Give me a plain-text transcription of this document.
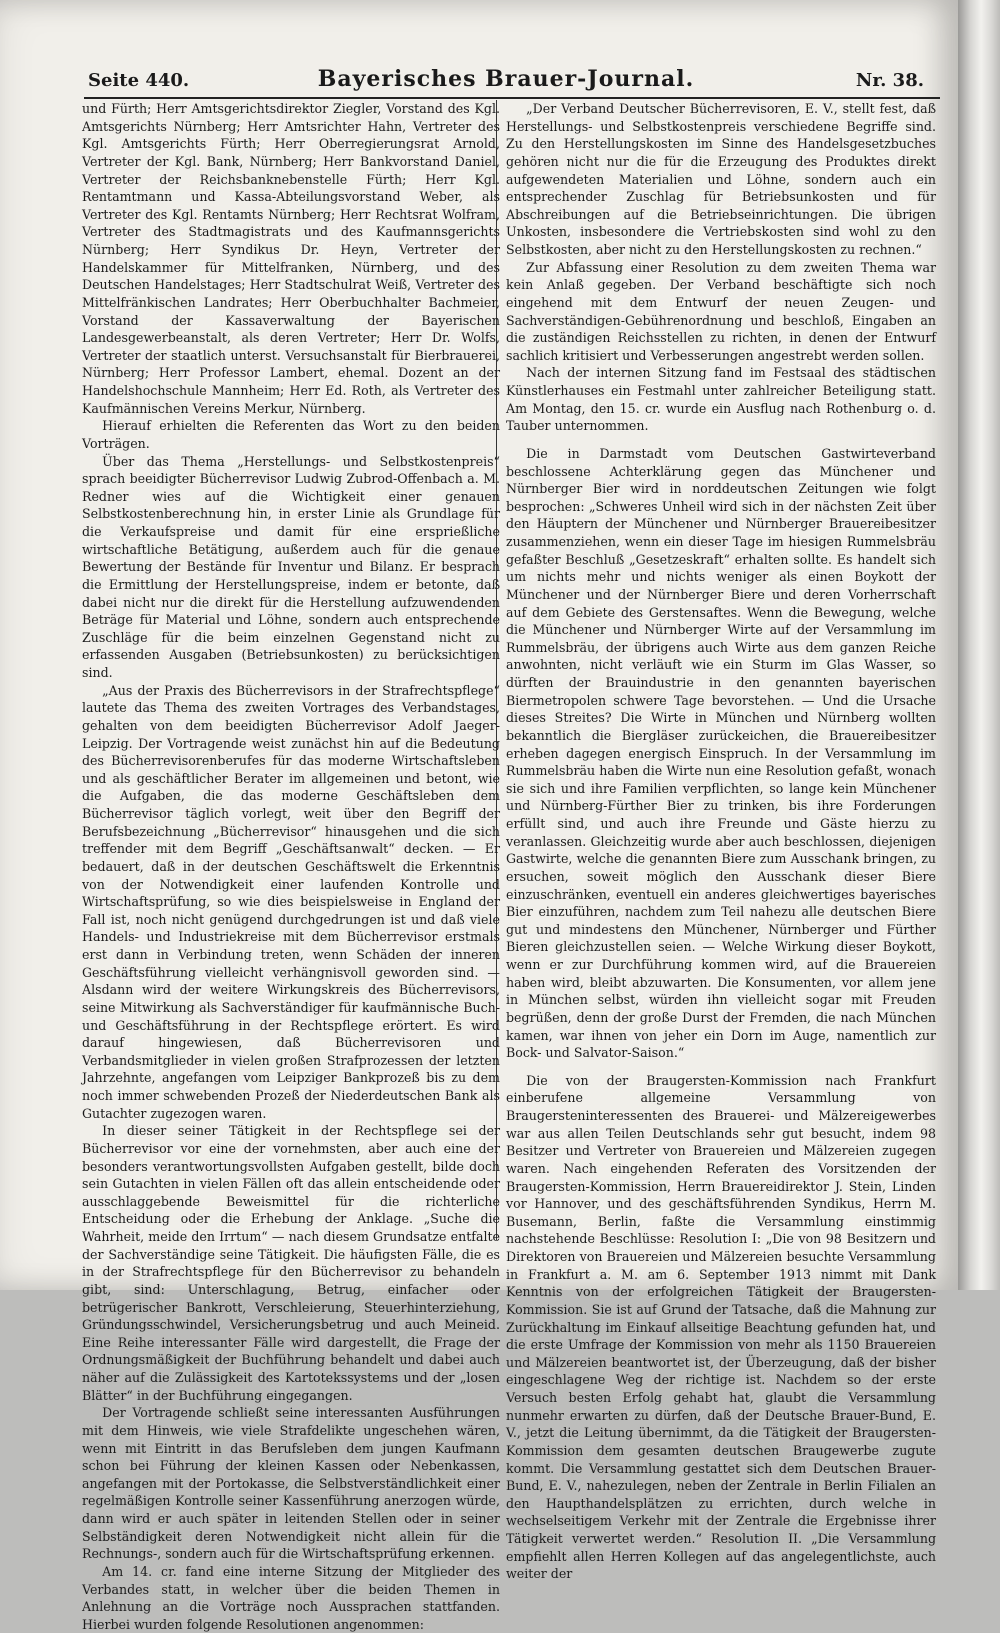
Seite 440.	Bayerisches Brauer-Journal.	Nr. 38.

und Fürth; Herr Amtsgerichtsdirektor Ziegler, Vorstand des Kgl. Amtsgerichts Nürnberg; Herr Amtsrichter Hahn, Vertreter des Kgl. Amtsgerichts Fürth; Herr Oberregierungsrat Arnold, Vertreter der Kgl. Bank, Nürnberg; Herr Bankvorstand Daniel, Vertreter der Reichsbanknebenstelle Fürth; Herr Kgl. Rentamtmann und Kassa-Abteilungsvorstand Weber, als Vertreter des Kgl. Rentamts Nürnberg; Herr Rechtsrat Wolfram, Vertreter des Stadtmagistrats und des Kaufmannsgerichts Nürnberg; Herr Syndikus Dr. Heyn, Vertreter der Handelskammer für Mittelfranken, Nürnberg, und des Deutschen Handelstages; Herr Stadtschulrat Weiß, Vertreter des Mittelfränkischen Landrates; Herr Oberbuchhalter Bachmeier, Vorstand der Kassaverwaltung der Bayerischen Landesgewerbeanstalt, als deren Vertreter; Herr Dr. Wolfs, Vertreter der staatlich unterst. Versuchsanstalt für Bierbrauerei, Nürnberg; Herr Professor Lambert, ehemal. Dozent an der Handelshochschule Mannheim; Herr Ed. Roth, als Vertreter des Kaufmännischen Vereins Merkur, Nürnberg.

Hierauf erhielten die Referenten das Wort zu den beiden Vorträgen.

Über das Thema „Herstellungs- und Selbstkostenpreis“ sprach beeidigter Bücherrevisor Ludwig Zubrod-Offenbach a. M. Redner wies auf die Wichtigkeit einer genauen Selbstkostenberechnung hin, in erster Linie als Grundlage für die Verkaufspreise und damit für eine ersprießliche wirtschaftliche Betätigung, außerdem auch für die genaue Bewertung der Bestände für Inventur und Bilanz. Er besprach die Ermittlung der Herstellungspreise, indem er betonte, daß dabei nicht nur die direkt für die Herstellung aufzuwendenden Beträge für Material und Löhne, sondern auch entsprechende Zuschläge für die beim einzelnen Gegenstand nicht zu erfassenden Ausgaben (Betriebsunkosten) zu berücksichtigen sind.

„Aus der Praxis des Bücherrevisors in der Strafrechtspflege“ lautete das Thema des zweiten Vortrages des Verbandstages, gehalten von dem beeidigten Bücherrevisor Adolf Jaeger-Leipzig. Der Vortragende weist zunächst hin auf die Bedeutung des Bücherrevisorenberufes für das moderne Wirtschaftsleben und als geschäftlicher Berater im allgemeinen und betont, wie die Aufgaben, die das moderne Geschäftsleben dem Bücherrevisor täglich vorlegt, weit über den Begriff der Berufsbezeichnung „Bücherrevisor“ hinausgehen und die sich treffender mit dem Begriff „Geschäftsanwalt“ decken. — Er bedauert, daß in der deutschen Geschäftswelt die Erkenntnis von der Notwendigkeit einer laufenden Kontrolle und Wirtschaftsprüfung, so wie dies beispielsweise in England der Fall ist, noch nicht genügend durchgedrungen ist und daß viele Handels- und Industriekreise mit dem Bücherrevisor erstmals erst dann in Verbindung treten, wenn Schäden der inneren Geschäftsführung vielleicht verhängnisvoll geworden sind. — Alsdann wird der weitere Wirkungskreis des Bücherrevisors, seine Mitwirkung als Sachverständiger für kaufmännische Buch- und Geschäftsführung in der Rechtspflege erörtert. Es wird darauf hingewiesen, daß Bücherrevisoren und Verbandsmitglieder in vielen großen Strafprozessen der letzten Jahrzehnte, angefangen vom Leipziger Bankprozeß bis zu dem noch immer schwebenden Prozeß der Niederdeutschen Bank als Gutachter zugezogen waren.

In dieser seiner Tätigkeit in der Rechtspflege sei der Bücherrevisor vor eine der vornehmsten, aber auch eine der besonders verantwortungsvollsten Aufgaben gestellt, bilde doch sein Gutachten in vielen Fällen oft das allein entscheidende oder ausschlaggebende Beweismittel für die richterliche Entscheidung oder die Erhebung der Anklage. „Suche die Wahrheit, meide den Irrtum“ — nach diesem Grundsatze entfalte der Sachverständige seine Tätigkeit. Die häufigsten Fälle, die es in der Strafrechtspflege für den Bücherrevisor zu behandeln gibt, sind: Unterschlagung, Betrug, einfacher oder betrügerischer Bankrott, Verschleierung, Steuerhinterziehung, Gründungsschwindel, Versicherungsbetrug und auch Meineid. Eine Reihe interessanter Fälle wird dargestellt, die Frage der Ordnungsmäßigkeit der Buchführung behandelt und dabei auch näher auf die Zulässigkeit des Kartotekssystems und der „losen Blätter“ in der Buchführung eingegangen.

Der Vortragende schließt seine interessanten Ausführungen mit dem Hinweis, wie viele Strafdelikte ungeschehen wären, wenn mit Eintritt in das Berufsleben dem jungen Kaufmann schon bei Führung der kleinen Kassen oder Nebenkassen, angefangen mit der Portokasse, die Selbstverständlichkeit einer regelmäßigen Kontrolle seiner Kassenführung anerzogen würde, dann wird er auch später in leitenden Stellen oder in seiner Selbständigkeit deren Notwendigkeit nicht allein für die Rechnungs-, sondern auch für die Wirtschaftsprüfung erkennen.

Am 14. cr. fand eine interne Sitzung der Mitglieder des Verbandes statt, in welcher über die beiden Themen in Anlehnung an die Vorträge noch Aussprachen stattfanden. Hierbei wurden folgende Resolutionen angenommen:

„Der Verband Deutscher Bücherrevisoren, E. V., stellt fest, daß Herstellungs- und Selbstkostenpreis verschiedene Begriffe sind. Zu den Herstellungskosten im Sinne des Handelsgesetzbuches gehören nicht nur die für die Erzeugung des Produktes direkt aufgewendeten Materialien und Löhne, sondern auch ein entsprechender Zuschlag für Betriebsunkosten und für Abschreibungen auf die Betriebseinrichtungen. Die übrigen Unkosten, insbesondere die Vertriebskosten sind wohl zu den Selbstkosten, aber nicht zu den Herstellungskosten zu rechnen.“

Zur Abfassung einer Resolution zu dem zweiten Thema war kein Anlaß gegeben. Der Verband beschäftigte sich noch eingehend mit dem Entwurf der neuen Zeugen- und Sachverständigen-Gebührenordnung und beschloß, Eingaben an die zuständigen Reichsstellen zu richten, in denen der Entwurf sachlich kritisiert und Verbesserungen angestrebt werden sollen.

Nach der internen Sitzung fand im Festsaal des städtischen Künstlerhauses ein Festmahl unter zahlreicher Beteiligung statt. Am Montag, den 15. cr. wurde ein Ausflug nach Rothenburg o. d. Tauber unternommen.

Die in Darmstadt vom Deutschen Gastwirteverband beschlossene Achterklärung gegen das Münchener und Nürnberger Bier wird in norddeutschen Zeitungen wie folgt besprochen: „Schweres Unheil wird sich in der nächsten Zeit über den Häuptern der Münchener und Nürnberger Brauereibesitzer zusammenziehen, wenn ein dieser Tage im hiesigen Rummelsbräu gefaßter Beschluß „Gesetzeskraft“ erhalten sollte. Es handelt sich um nichts mehr und nichts weniger als einen Boykott der Münchener und der Nürnberger Biere und deren Vorherrschaft auf dem Gebiete des Gerstensaftes. Wenn die Bewegung, welche die Münchener und Nürnberger Wirte auf der Versammlung im Rummelsbräu, der übrigens auch Wirte aus dem ganzen Reiche anwohnten, nicht verläuft wie ein Sturm im Glas Wasser, so dürften der Brauindustrie in den genannten bayerischen Biermetropolen schwere Tage bevorstehen. — Und die Ursache dieses Streites? Die Wirte in München und Nürnberg wollten bekanntlich die Biergläser zurückeichen, die Brauereibesitzer erheben dagegen energisch Einspruch. In der Versammlung im Rummelsbräu haben die Wirte nun eine Resolution gefaßt, wonach sie sich und ihre Familien verpflichten, so lange kein Münchener und Nürnberg-Fürther Bier zu trinken, bis ihre Forderungen erfüllt sind, und auch ihre Freunde und Gäste hierzu zu veranlassen. Gleichzeitig wurde aber auch beschlossen, diejenigen Gastwirte, welche die genannten Biere zum Ausschank bringen, zu ersuchen, soweit möglich den Ausschank dieser Biere einzuschränken, eventuell ein anderes gleichwertiges bayerisches Bier einzuführen, nachdem zum Teil nahezu alle deutschen Biere gut und mindestens den Münchener, Nürnberger und Fürther Bieren gleichzustellen seien. — Welche Wirkung dieser Boykott, wenn er zur Durchführung kommen wird, auf die Brauereien haben wird, bleibt abzuwarten. Die Konsumenten, vor allem jene in München selbst, würden ihn vielleicht sogar mit Freuden begrüßen, denn der große Durst der Fremden, die nach München kamen, war ihnen von jeher ein Dorn im Auge, namentlich zur Bock- und Salvator-Saison.“

Die von der Braugersten-Kommission nach Frankfurt einberufene allgemeine Versammlung von Braugersteninteressenten des Brauerei- und Mälzereigewerbes war aus allen Teilen Deutschlands sehr gut besucht, indem 98 Besitzer und Vertreter von Brauereien und Mälzereien zugegen waren. Nach eingehenden Referaten des Vorsitzenden der Braugersten-Kommission, Herrn Brauereidirektor J. Stein, Linden vor Hannover, und des geschäftsführenden Syndikus, Herrn M. Busemann, Berlin, faßte die Versammlung einstimmig nachstehende Beschlüsse: Resolution I: „Die von 98 Besitzern und Direktoren von Brauereien und Mälzereien besuchte Versammlung in Frankfurt a. M. am 6. September 1913 nimmt mit Dank Kenntnis von der erfolgreichen Tätigkeit der Braugersten-Kommission. Sie ist auf Grund der Tatsache, daß die Mahnung zur Zurückhaltung im Einkauf allseitige Beachtung gefunden hat, und die erste Umfrage der Kommission von mehr als 1150 Brauereien und Mälzereien beantwortet ist, der Überzeugung, daß der bisher eingeschlagene Weg der richtige ist. Nachdem so der erste Versuch besten Erfolg gehabt hat, glaubt die Versammlung nunmehr erwarten zu dürfen, daß der Deutsche Brauer-Bund, E. V., jetzt die Leitung übernimmt, da die Tätigkeit der Braugersten-Kommission dem gesamten deutschen Braugewerbe zugute kommt. Die Versammlung gestattet sich dem Deutschen Brauer-Bund, E. V., nahezulegen, neben der Zentrale in Berlin Filialen an den Haupthandelsplätzen zu errichten, durch welche in wechselseitigem Verkehr mit der Zentrale die Ergebnisse ihrer Tätigkeit verwertet werden.“ Resolution II. „Die Versammlung empfiehlt allen Herren Kollegen auf das angelegentlichste, auch weiter der
